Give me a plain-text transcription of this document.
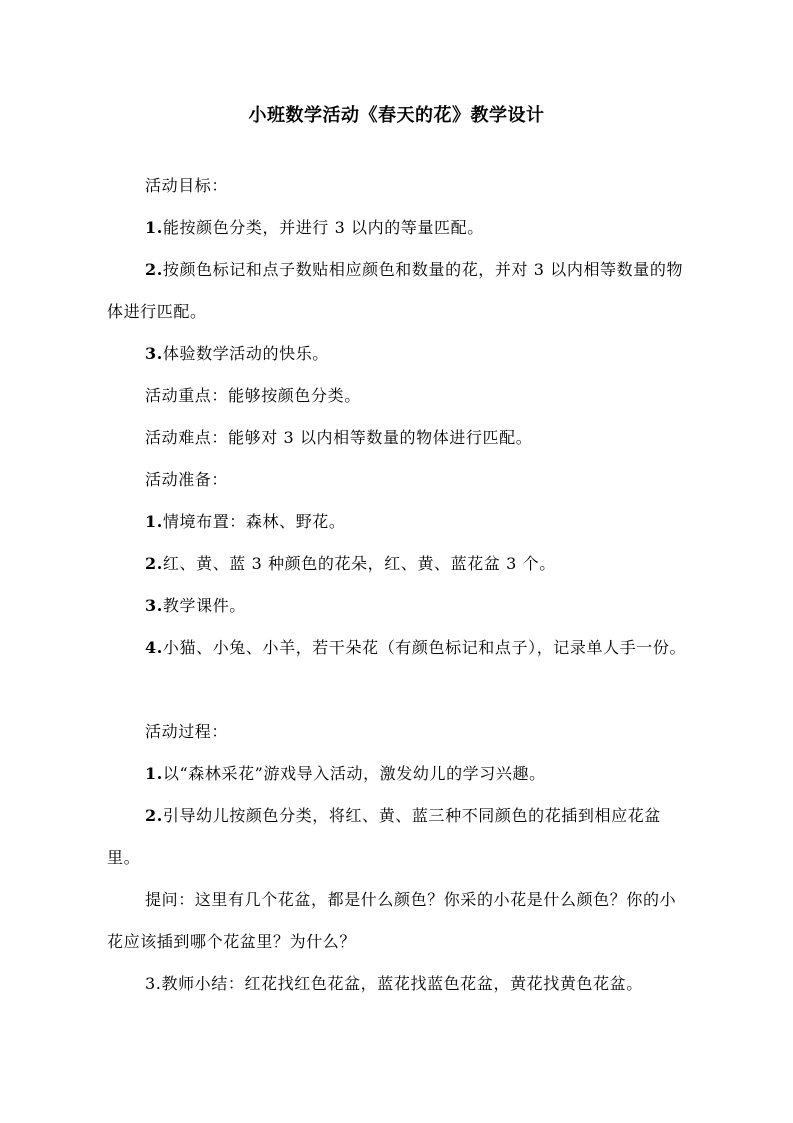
小班数学活动《春天的花》教学设计

活动目标：

1.能按颜色分类，并进行 3 以内的等量匹配。

2.按颜色标记和点子数贴相应颜色和数量的花，并对 3 以内相等数量的物体进行匹配。

3.体验数学活动的快乐。

活动重点：能够按颜色分类。

活动难点：能够对 3 以内相等数量的物体进行匹配。

活动准备：

1.情境布置：森林、野花。

2.红、黄、蓝 3 种颜色的花朵，红、黄、蓝花盆 3 个。

3.教学课件。

4.小猫、小兔、小羊，若干朵花（有颜色标记和点子），记录单人手一份。

活动过程：

1.以“森林采花”游戏导入活动，激发幼儿的学习兴趣。

2.引导幼儿按颜色分类，将红、黄、蓝三种不同颜色的花插到相应花盆里。

提问：这里有几个花盆，都是什么颜色？你采的小花是什么颜色？你的小花应该插到哪个花盆里？为什么？

3.教师小结：红花找红色花盆，蓝花找蓝色花盆，黄花找黄色花盆。
